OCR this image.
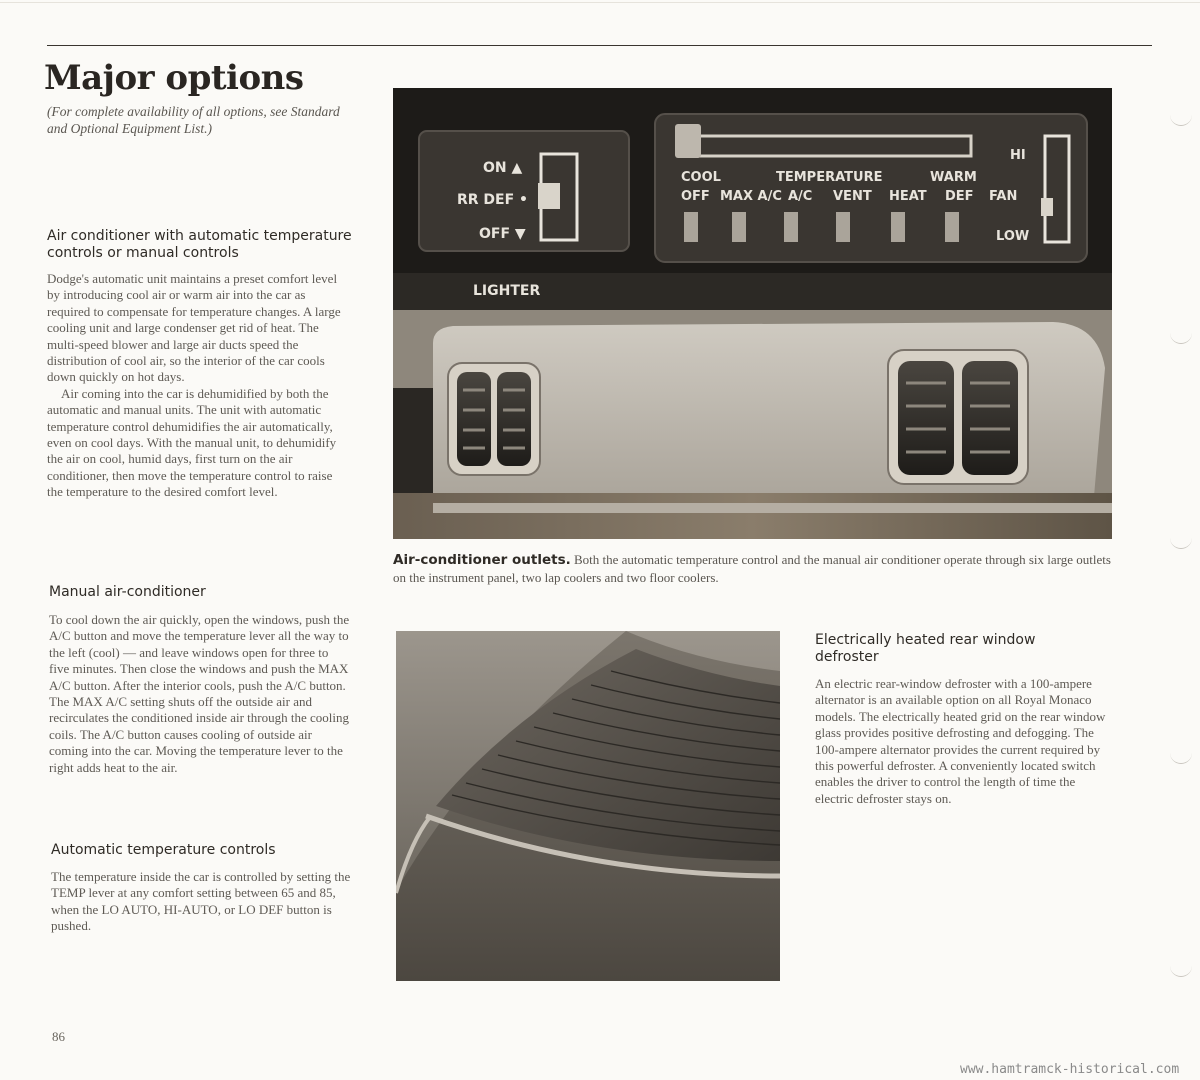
Major options
(For complete availability of all options, see Standard and Optional Equipment List.)
Air conditioner with automatic temperature controls or manual controls

Dodge's automatic unit maintains a preset comfort level by introducing cool air or warm air into the car as required to compensate for temperature changes. A large cooling unit and large condenser get rid of heat. The multi-speed blower and large air ducts speed the distribution of cool air, so the interior of the car cools down quickly on hot days.

Air coming into the car is dehumidified by both the automatic and manual units. The unit with automatic temperature control dehumidifies the air automatically, even on cool days. With the manual unit, to dehumidify the air on cool, humid days, first turn on the air conditioner, then move the temperature control to raise the temperature to the desired comfort level.

Manual air-conditioner

To cool down the air quickly, open the windows, push the A/C button and move the temperature lever all the way to the left (cool) — and leave windows open for three to five minutes. Then close the windows and push the MAX A/C button. After the interior cools, push the A/C button. The MAX A/C setting shuts off the outside air and recirculates the conditioned inside air through the cooling coils. The A/C button causes cooling of outside air coming into the car. Moving the temperature lever to the right adds heat to the air.

Automatic temperature controls

The temperature inside the car is controlled by setting the TEMP lever at any comfort setting between 65 and 85, when the LO AUTO, HI-AUTO, or LO DEF button is pushed.

ON ▲
RR DEF •
OFF ▼
COOL	TEMPERATURE	WARM
OFF MAX A/C A/C VENT HEAT DEF
HI
FAN
LOW
LIGHTER
Air-conditioner outlets. Both the automatic temperature control and the manual air conditioner operate through six large outlets on the instrument panel, two lap coolers and two floor coolers.
Electrically heated rear window defroster

An electric rear-window defroster with a 100-ampere alternator is an available option on all Royal Monaco models. The electrically heated grid on the rear window glass provides positive defrosting and defogging. The 100-ampere alternator provides the current required by this powerful defroster. A conveniently located switch enables the driver to control the length of time the electric defroster stays on.

86
www.hamtramck-historical.com
